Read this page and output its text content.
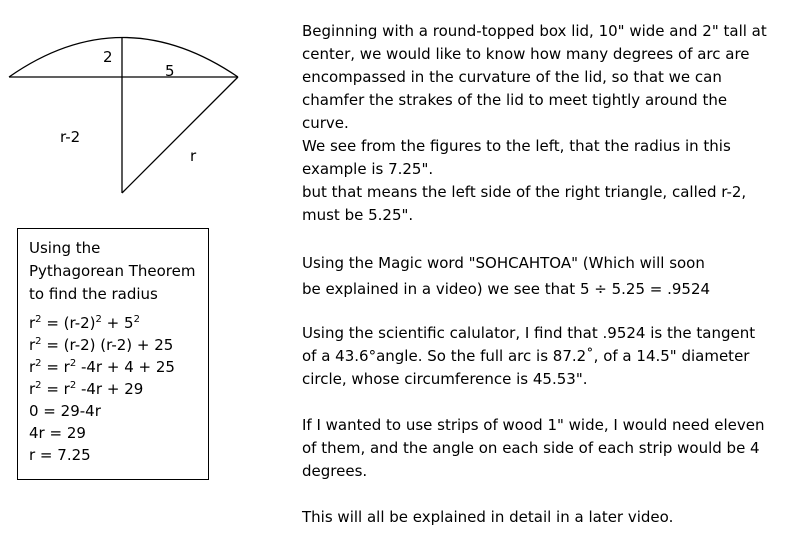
2
5
r-2
r
Using the Pythagorean Theorem to find the radius
$r^2 = (r-2)^2 + 5^2$
$r^2 = (r-2) (r-2) + 25$
$r^2 = r^2$ -4r + 4 + 25
$r^2 = r^2$ -4r + 29
0 = 29-4r
4r = 29
r = 7.25

Beginning with a round-topped box lid, 10" wide and 2" tall at center, we would like to know how many degrees of arc are encompassed in the curvature of the lid, so that we can chamfer the strakes of the lid to meet tightly around the curve.

We see from the figures to the left, that the radius in this example is 7.25".

but that means the left side of the right triangle, called r-2, must be 5.25".

Using the Magic word "SOHCAHTOA" (Which will soon

be explained in a video) we see that 5 ÷ 5.25 = .9524

Using the scientific calulator, I find that .9524 is the tangent of a 43.6°angle. So the full arc is 87.2˚, of a 14.5" diameter circle, whose circumference is 45.53".

If I wanted to use strips of wood 1" wide, I would need eleven of them, and the angle on each side of each strip would be 4 degrees.

This will all be explained in detail in a later video.
